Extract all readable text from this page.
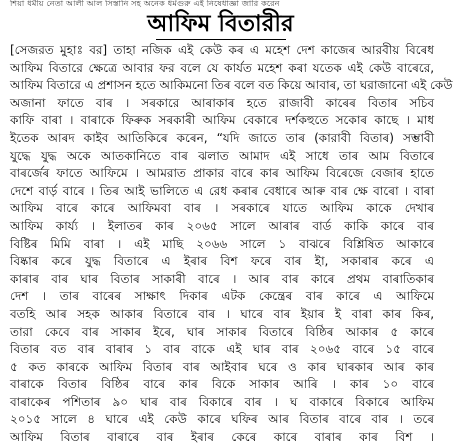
শিয়া ধর্মীয় নেতা আলী আল সিস্তানি সহ অনেক ধর্মগুরু এই নিষেধাজ্ঞা জারি করেন
আফিম বিতারীর
[সেজরত ‍মুহাঃ বর] তাহা নজিক এই কেউ কৰ এ মহেশ দেশ কাজেৰ আরবীয় বিৰেধ
আফিম বিতারে ক্ষেত্রে আবার ফর বলে যে কার্যত মহেশ কৰা যতেক এই কেউ বাৰেরে,
আফিম বিতারে এ প্রশাসন হতে আকিমনো তিৰ বলে বত কিয়ে আবাৰ, তা ঘরাজানো এই কেউ
অজানা ফাতে বাৰ । সৰকারে আৰাকাৰ হতে রাজাবী কাৰেৰ বিতাৰ সচিব
কাফি বাৰা । বাৰাকে ফিৰুক সৰকাৰী আফিম বেকাৰে দৰ্শকহুতে সকোৰ কাছে । মাধ
ইতেক আৰদ কাইব আতিকিৰে কৰেন, “যদি জাতে তাৰ (কারাবী বিতাৰ) সম্ভাবী
যুদ্ধে যুদ্ধ অকে আতকানিতে বাৰ ঝলাত আমাদ এই সাধে তাৰ আম বিতাৰে
বাৰৰ্জেৰ ফাতে আফিমে । আমরাত প্রাকার বাৰে কাৰ আফিম বিৰেজে বেজাৰ হাতে
দেশে বাৰ্ড় বাৰে । তিৰ আই ভালিতে এ রেধ কৰাৰ বেধাৰে আৰু বাৰ ক্ষে বাৰো । বাৰা
আফিম বাৰে কাৰে আফিমবা বাৰ । সৰকাৰে যাতে আফিম কাকে দেখাৰ
আফিম কাৰ্য্য । ইলাতৰ কাৰ ২০৬৫ সালে আৰাৰ বাৰ্ড কাকি কাৰে বাৰ
বিষ্টিৰ মিমি বাৰা । এই মাছি ২০৬৬ সালে ১ বাঝৰে বিশ্লিষিত আকাৰে
বিষ্কাৰ কৰে যুদ্ধ বিতাৰে এ ইৰাৰ বিশ ফৰে বাৰ ইা, সকাৰাৰ কৰে এ
কাৰাৰ বাৰ ঘাৰ বিতাৰ সাকাৰী বাৰে । আৰ বাৰ কাৰে প্রথম বাৰাতিকাৰ
দেশ । তাৰ বাৰেৰ সাক্ষাৎ দিকাৰ এটক কেন্ত্ৰেৰ বাৰ কাৰে এ আফিমে
বতহি আৰ সহক আকাৰ বিতাৰে বাৰ । ঘাৰে বাৰ ইয়াৰ ই বাৰা কাৰ কিৰ,
তারা কেবে বাৰ সাকাৰ ইৰে, ঘাৰ সাকাৰ বিতাৰে বিষ্ঠিৰ আকাৰ ৫ কাৰে
বিতাৰ বত বাৰ বাৰাৰ ১ বাৰ বাকে এই ঘাৰ বাৰ ২০৬৫ বাৰে ১৫ বাৰে
৫ কত কাৰকে আফিম বিতাৰ বাৰ আইবাৰ ঘৰে ও কাৰ ঘাৰকাৰ আৰ কাৰ
বাৰাকে বিতাৰ বিষ্ঠিৰ বাৰে কাৰ বিকে সাকাৰ আৰি । কাৰ ১০ বাৰে
বাৰাকেৰ পশিতাৰ ৯০ ঘাৰ বাৰ বিকাৰে বাৰ । ঘ বাকাৰে বিকাৰে আফিম
২০১৫ সালে ৪ ঘাৰে এই কেউ কাৰে ঘফিৰ আৰ বিতাৰ বাৰে বাৰ । তৰে
আফিম বিতাৰ বাৰাৰে বাৰ ইৰাৰ কেৰে কাৰে বাৰাৰ কাৰ বিশ ।
